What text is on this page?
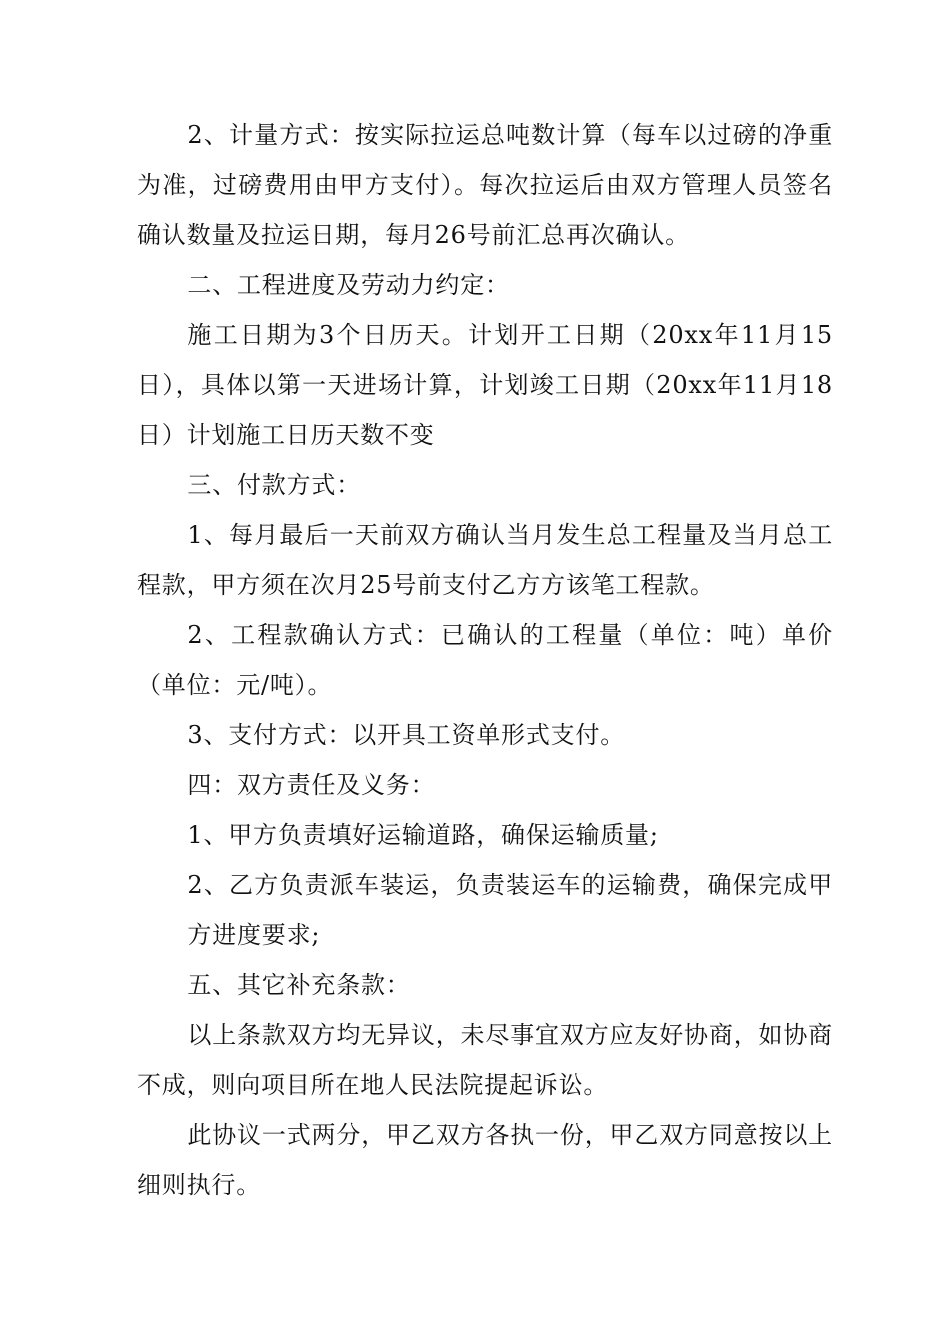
2、计量方式：按实际拉运总吨数计算（每车以过磅的净重为准，过磅费用由甲方支付）。每次拉运后由双方管理人员签名确认数量及拉运日期，每月26号前汇总再次确认。

二、工程进度及劳动力约定：

施工日期为3个日历天。计划开工日期（20xx年11月15日），具体以第一天进场计算，计划竣工日期（20xx年11月18日）计划施工日历天数不变

三、付款方式：

1、每月最后一天前双方确认当月发生总工程量及当月总工程款，甲方须在次月25号前支付乙方方该笔工程款。

2、工程款确认方式：已确认的工程量（单位：吨）单价（单位：元/吨）。

3、支付方式：以开具工资单形式支付。

四：双方责任及义务：

1、甲方负责填好运输道路，确保运输质量;

2、乙方负责派车装运，负责装运车的运输费，确保完成甲方进度要求;

五、其它补充条款：

以上条款双方均无异议，未尽事宜双方应友好协商，如协商不成，则向项目所在地人民法院提起诉讼。

此协议一式两分，甲乙双方各执一份，甲乙双方同意按以上细则执行。
